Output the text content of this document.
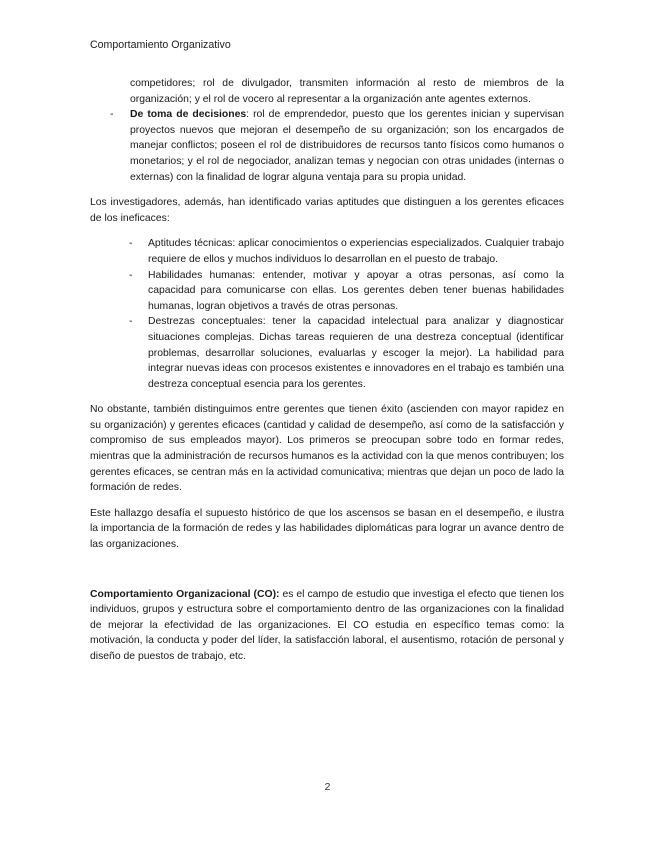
Comportamiento Organizativo

competidores; rol de divulgador, transmiten información al resto de miembros de la organización; y el rol de vocero al representar a la organización ante agentes externos.

- De toma de decisiones: rol de emprendedor, puesto que los gerentes inician y supervisan proyectos nuevos que mejoran el desempeño de su organización; son los encargados de manejar conflictos; poseen el rol de distribuidores de recursos tanto físicos como humanos o monetarios; y el rol de negociador, analizan temas y negocian con otras unidades (internas o externas) con la finalidad de lograr alguna ventaja para su propia unidad.

Los investigadores, además, han identificado varias aptitudes que distinguen a los gerentes eficaces de los ineficaces:

- Aptitudes técnicas: aplicar conocimientos o experiencias especializados. Cualquier trabajo requiere de ellos y muchos individuos lo desarrollan en el puesto de trabajo.

- Habilidades humanas: entender, motivar y apoyar a otras personas, así como la capacidad para comunicarse con ellas. Los gerentes deben tener buenas habilidades humanas, logran objetivos a través de otras personas.

- Destrezas conceptuales: tener la capacidad intelectual para analizar y diagnosticar situaciones complejas. Dichas tareas requieren de una destreza conceptual (identificar problemas, desarrollar soluciones, evaluarlas y escoger la mejor). La habilidad para integrar nuevas ideas con procesos existentes e innovadores en el trabajo es también una destreza conceptual esencia para los gerentes.

No obstante, también distinguimos entre gerentes que tienen éxito (ascienden con mayor rapidez en su organización) y gerentes eficaces (cantidad y calidad de desempeño, así como de la satisfacción y compromiso de sus empleados mayor). Los primeros se preocupan sobre todo en formar redes, mientras que la administración de recursos humanos es la actividad con la que menos contribuyen; los gerentes eficaces, se centran más en la actividad comunicativa; mientras que dejan un poco de lado la formación de redes.

Este hallazgo desafía el supuesto histórico de que los ascensos se basan en el desempeño, e ilustra la importancia de la formación de redes y las habilidades diplomáticas para lograr un avance dentro de las organizaciones.

Comportamiento Organizacional (CO): es el campo de estudio que investiga el efecto que tienen los individuos, grupos y estructura sobre el comportamiento dentro de las organizaciones con la finalidad de mejorar la efectividad de las organizaciones. El CO estudia en específico temas como: la motivación, la conducta y poder del líder, la satisfacción laboral, el ausentismo, rotación de personal y diseño de puestos de trabajo, etc.

2
